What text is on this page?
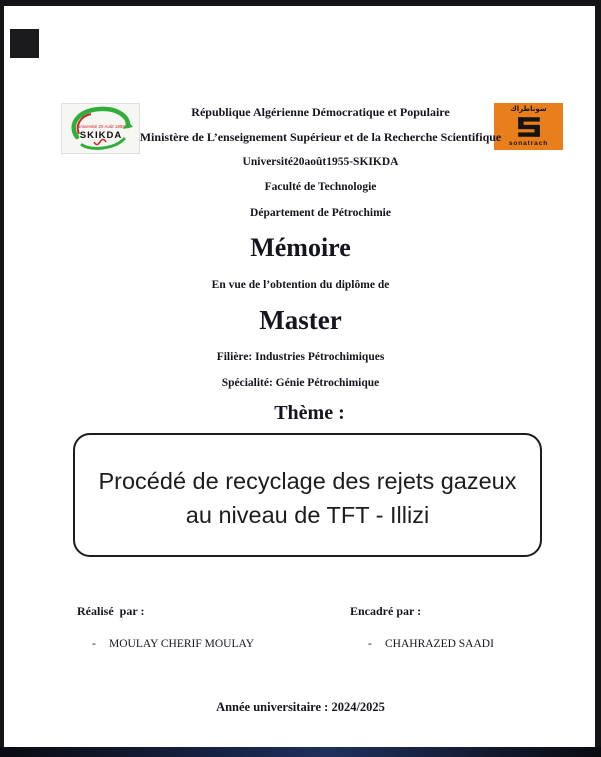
Université 20 Août 1955
SKIKDA
سوناطراك
sonatrach
République Algérienne Démocratique et Populaire
Ministère de L’enseignement Supérieur et de la Recherche Scientifique
Université20août1955-SKIKDA
Faculté de Technologie
Département de Pétrochimie
Mémoire
En vue de l’obtention du diplôme de
Master
Filière: Industries Pétrochimiques
Spécialité: Génie Pétrochimique
Thème :
Procédé de recyclage des rejets gazeux
au niveau de TFT - Illizi
Réalisé  par :	Encadré par :
- MOULAY CHERIF MOULAY	- CHAHRAZED SAADI
Année universitaire : 2024/2025
